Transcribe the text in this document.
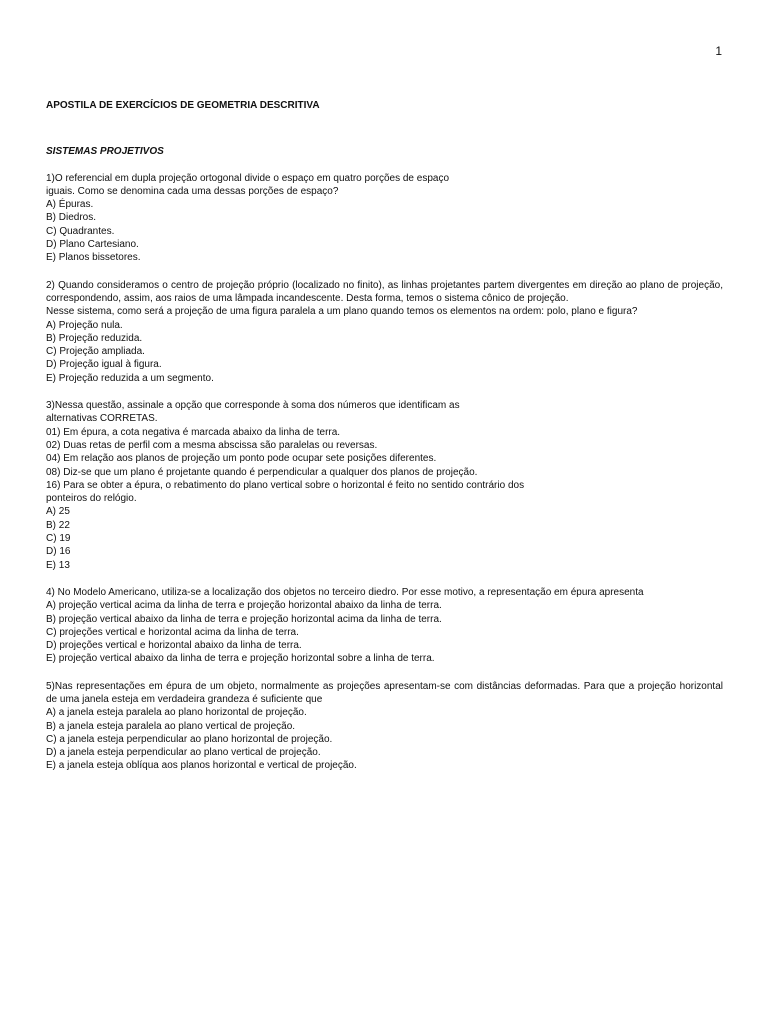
1
APOSTILA DE EXERCÍCIOS DE GEOMETRIA DESCRITIVA
SISTEMAS PROJETIVOS
1)O referencial em dupla projeção ortogonal divide o espaço em quatro porções de espaço
iguais. Como se denomina cada uma dessas porções de espaço?
A) Épuras.
B) Diedros.
C) Quadrantes.
D) Plano Cartesiano.
E) Planos bissetores.
2) Quando consideramos o centro de projeção próprio (localizado no finito), as linhas projetantes partem divergentes em direção ao plano de projeção, correspondendo, assim, aos raios de uma lâmpada incandescente. Desta forma, temos o sistema cônico de projeção.
Nesse sistema, como será a projeção de uma figura paralela a um plano quando temos os elementos na ordem: polo, plano e figura?
A) Projeção nula.
B) Projeção reduzida.
C) Projeção ampliada.
D) Projeção igual à figura.
E) Projeção reduzida a um segmento.
3)Nessa questão, assinale a opção que corresponde à soma dos números que identificam as
alternativas CORRETAS.
01) Em épura, a cota negativa é marcada abaixo da linha de terra.
02) Duas retas de perfil com a mesma abscissa são paralelas ou reversas.
04) Em relação aos planos de projeção um ponto pode ocupar sete posições diferentes.
08) Diz-se que um plano é projetante quando é perpendicular a qualquer dos planos de projeção.
16) Para se obter a épura, o rebatimento do plano vertical sobre o horizontal é feito no sentido contrário dos
ponteiros do relógio.
A) 25
B) 22
C) 19
D) 16
E) 13
4) No Modelo Americano, utiliza-se a localização dos objetos no terceiro diedro. Por esse motivo, a representação em épura apresenta
A) projeção vertical acima da linha de terra e projeção horizontal abaixo da linha de terra.
B) projeção vertical abaixo da linha de terra e projeção horizontal acima da linha de terra.
C) projeções vertical e horizontal acima da linha de terra.
D) projeções vertical e horizontal abaixo da linha de terra.
E) projeção vertical abaixo da linha de terra e projeção horizontal sobre a linha de terra.
5)Nas representações em épura de um objeto, normalmente as projeções apresentam-se com distâncias deformadas. Para que a projeção horizontal de uma janela esteja em verdadeira grandeza é suficiente que
A) a janela esteja paralela ao plano horizontal de projeção.
B) a janela esteja paralela ao plano vertical de projeção.
C) a janela esteja perpendicular ao plano horizontal de projeção.
D) a janela esteja perpendicular ao plano vertical de projeção.
E) a janela esteja oblíqua aos planos horizontal e vertical de projeção.
